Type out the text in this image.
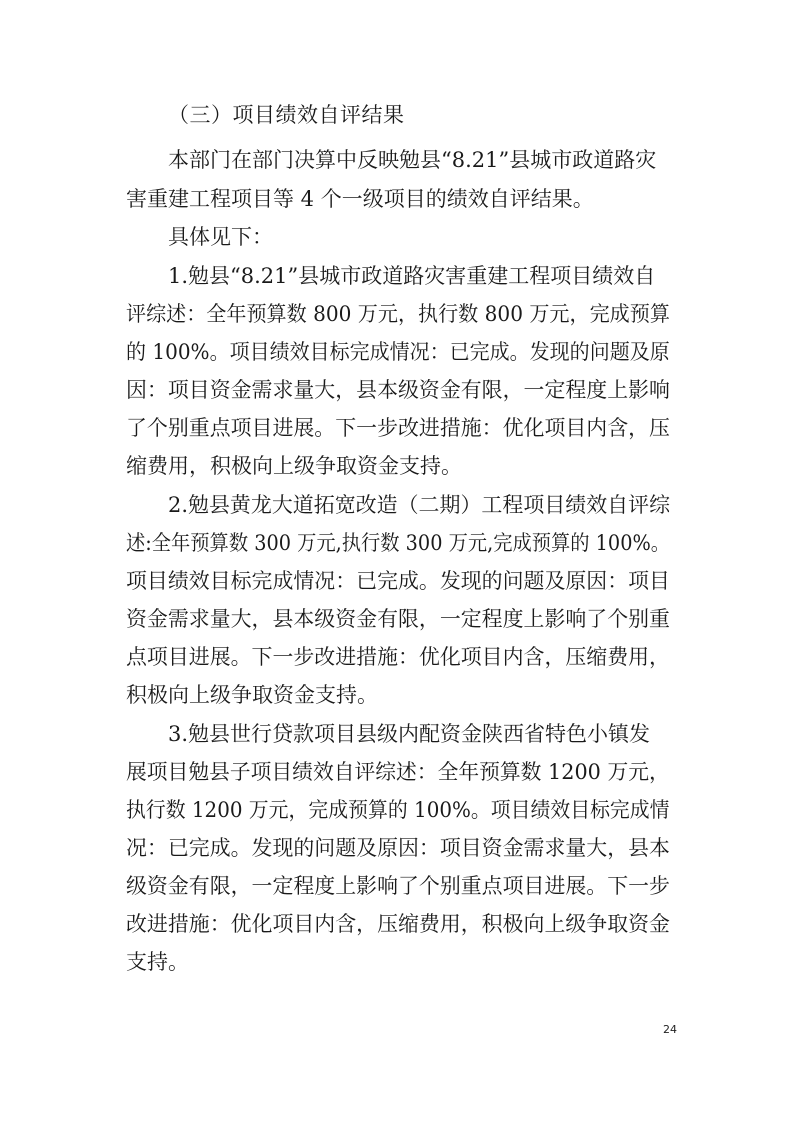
（三）项目绩效自评结果
本部门在部门决算中反映勉县“8.21”县城市政道路灾
害重建工程项目等 4 个一级项目的绩效自评结果。
具体见下：
1.勉县“8.21”县城市政道路灾害重建工程项目绩效自
评综述：全年预算数 800 万元，执行数 800 万元，完成预算
的 100%。项目绩效目标完成情况：已完成。发现的问题及原
因：项目资金需求量大，县本级资金有限，一定程度上影响
了个别重点项目进展。下一步改进措施：优化项目内含，压
缩费用，积极向上级争取资金支持。
2.勉县黄龙大道拓宽改造（二期）工程项目绩效自评综
述:全年预算数 300 万元,执行数 300 万元,完成预算的 100%。
项目绩效目标完成情况：已完成。发现的问题及原因：项目
资金需求量大，县本级资金有限，一定程度上影响了个别重
点项目进展。下一步改进措施：优化项目内含，压缩费用，
积极向上级争取资金支持。
3.勉县世行贷款项目县级内配资金陕西省特色小镇发
展项目勉县子项目绩效自评综述：全年预算数 1200 万元，
执行数 1200 万元，完成预算的 100%。项目绩效目标完成情
况：已完成。发现的问题及原因：项目资金需求量大，县本
级资金有限，一定程度上影响了个别重点项目进展。下一步
改进措施：优化项目内含，压缩费用，积极向上级争取资金
支持。
24
